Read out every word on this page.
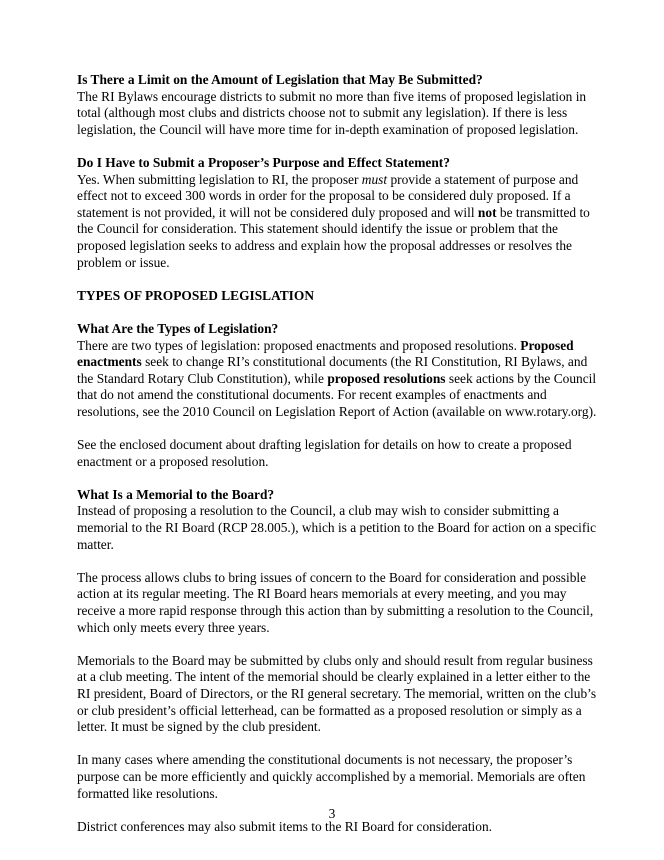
Is There a Limit on the Amount of Legislation that May Be Submitted?

The RI Bylaws encourage districts to submit no more than five items of proposed legislation in total (although most clubs and districts choose not to submit any legislation). If there is less legislation, the Council will have more time for in-depth examination of proposed legislation.

Do I Have to Submit a Proposer’s Purpose and Effect Statement?

Yes. When submitting legislation to RI, the proposer must provide a statement of purpose and effect not to exceed 300 words in order for the proposal to be considered duly proposed. If a statement is not provided, it will not be considered duly proposed and will not be transmitted to the Council for consideration. This statement should identify the issue or problem that the proposed legislation seeks to address and explain how the proposal addresses or resolves the problem or issue.

TYPES OF PROPOSED LEGISLATION

What Are the Types of Legislation?

There are two types of legislation: proposed enactments and proposed resolutions. Proposed enactments seek to change RI’s constitutional documents (the RI Constitution, RI Bylaws, and the Standard Rotary Club Constitution), while proposed resolutions seek actions by the Council that do not amend the constitutional documents. For recent examples of enactments and resolutions, see the 2010 Council on Legislation Report of Action (available on www.rotary.org).

See the enclosed document about drafting legislation for details on how to create a proposed enactment or a proposed resolution.

What Is a Memorial to the Board?

Instead of proposing a resolution to the Council, a club may wish to consider submitting a memorial to the RI Board (RCP 28.005.), which is a petition to the Board for action on a specific matter.

The process allows clubs to bring issues of concern to the Board for consideration and possible action at its regular meeting. The RI Board hears memorials at every meeting, and you may receive a more rapid response through this action than by submitting a resolution to the Council, which only meets every three years.

Memorials to the Board may be submitted by clubs only and should result from regular business at a club meeting. The intent of the memorial should be clearly explained in a letter either to the RI president, Board of Directors, or the RI general secretary. The memorial, written on the club’s or club president’s official letterhead, can be formatted as a proposed resolution or simply as a letter. It must be signed by the club president.

In many cases where amending the constitutional documents is not necessary, the proposer’s purpose can be more efficiently and quickly accomplished by a memorial. Memorials are often formatted like resolutions.

District conferences may also submit items to the RI Board for consideration.

3
